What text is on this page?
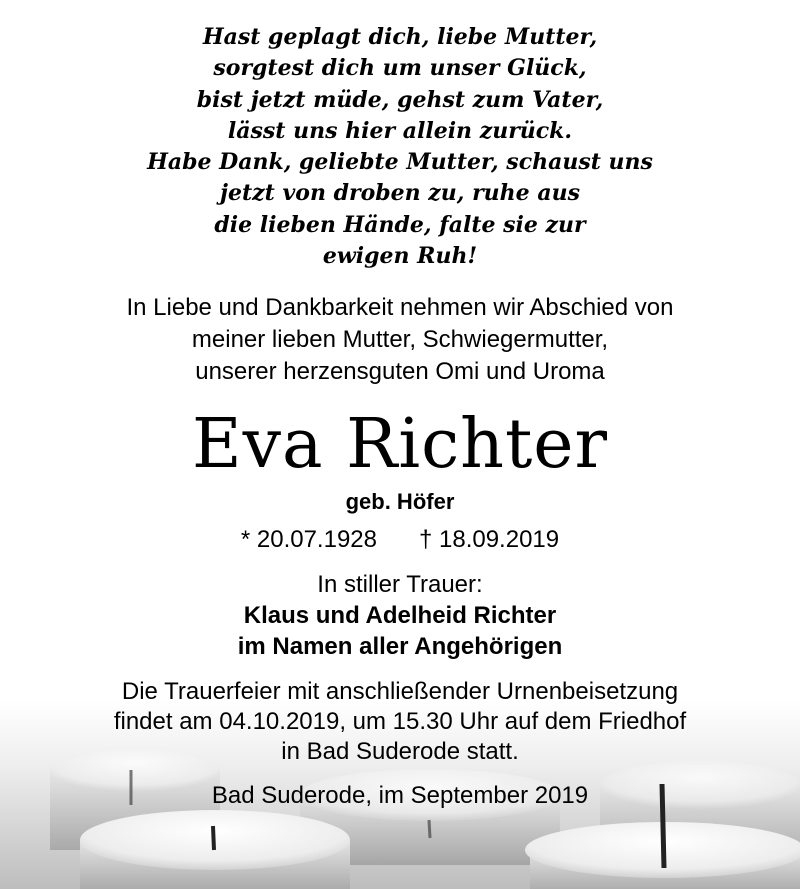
Hast geplagt dich, liebe Mutter,
sorgtest dich um unser Glück,
bist jetzt müde, gehst zum Vater,
lässt uns hier allein zurück.
Habe Dank, geliebte Mutter, schaust uns
jetzt von droben zu, ruhe aus
die lieben Hände, falte sie zur
ewigen Ruh!
In Liebe und Dankbarkeit nehmen wir Abschied von
meiner lieben Mutter, Schwiegermutter,
unserer herzensguten Omi und Uroma
Eva Richter
geb. Höfer
* 20.07.1928 † 18.09.2019
In stiller Trauer:
Klaus und Adelheid Richter
im Namen aller Angehörigen
Die Trauerfeier mit anschließender Urnenbeisetzung
findet am 04.10.2019, um 15.30 Uhr auf dem Friedhof
in Bad Suderode statt.
Bad Suderode, im September 2019
